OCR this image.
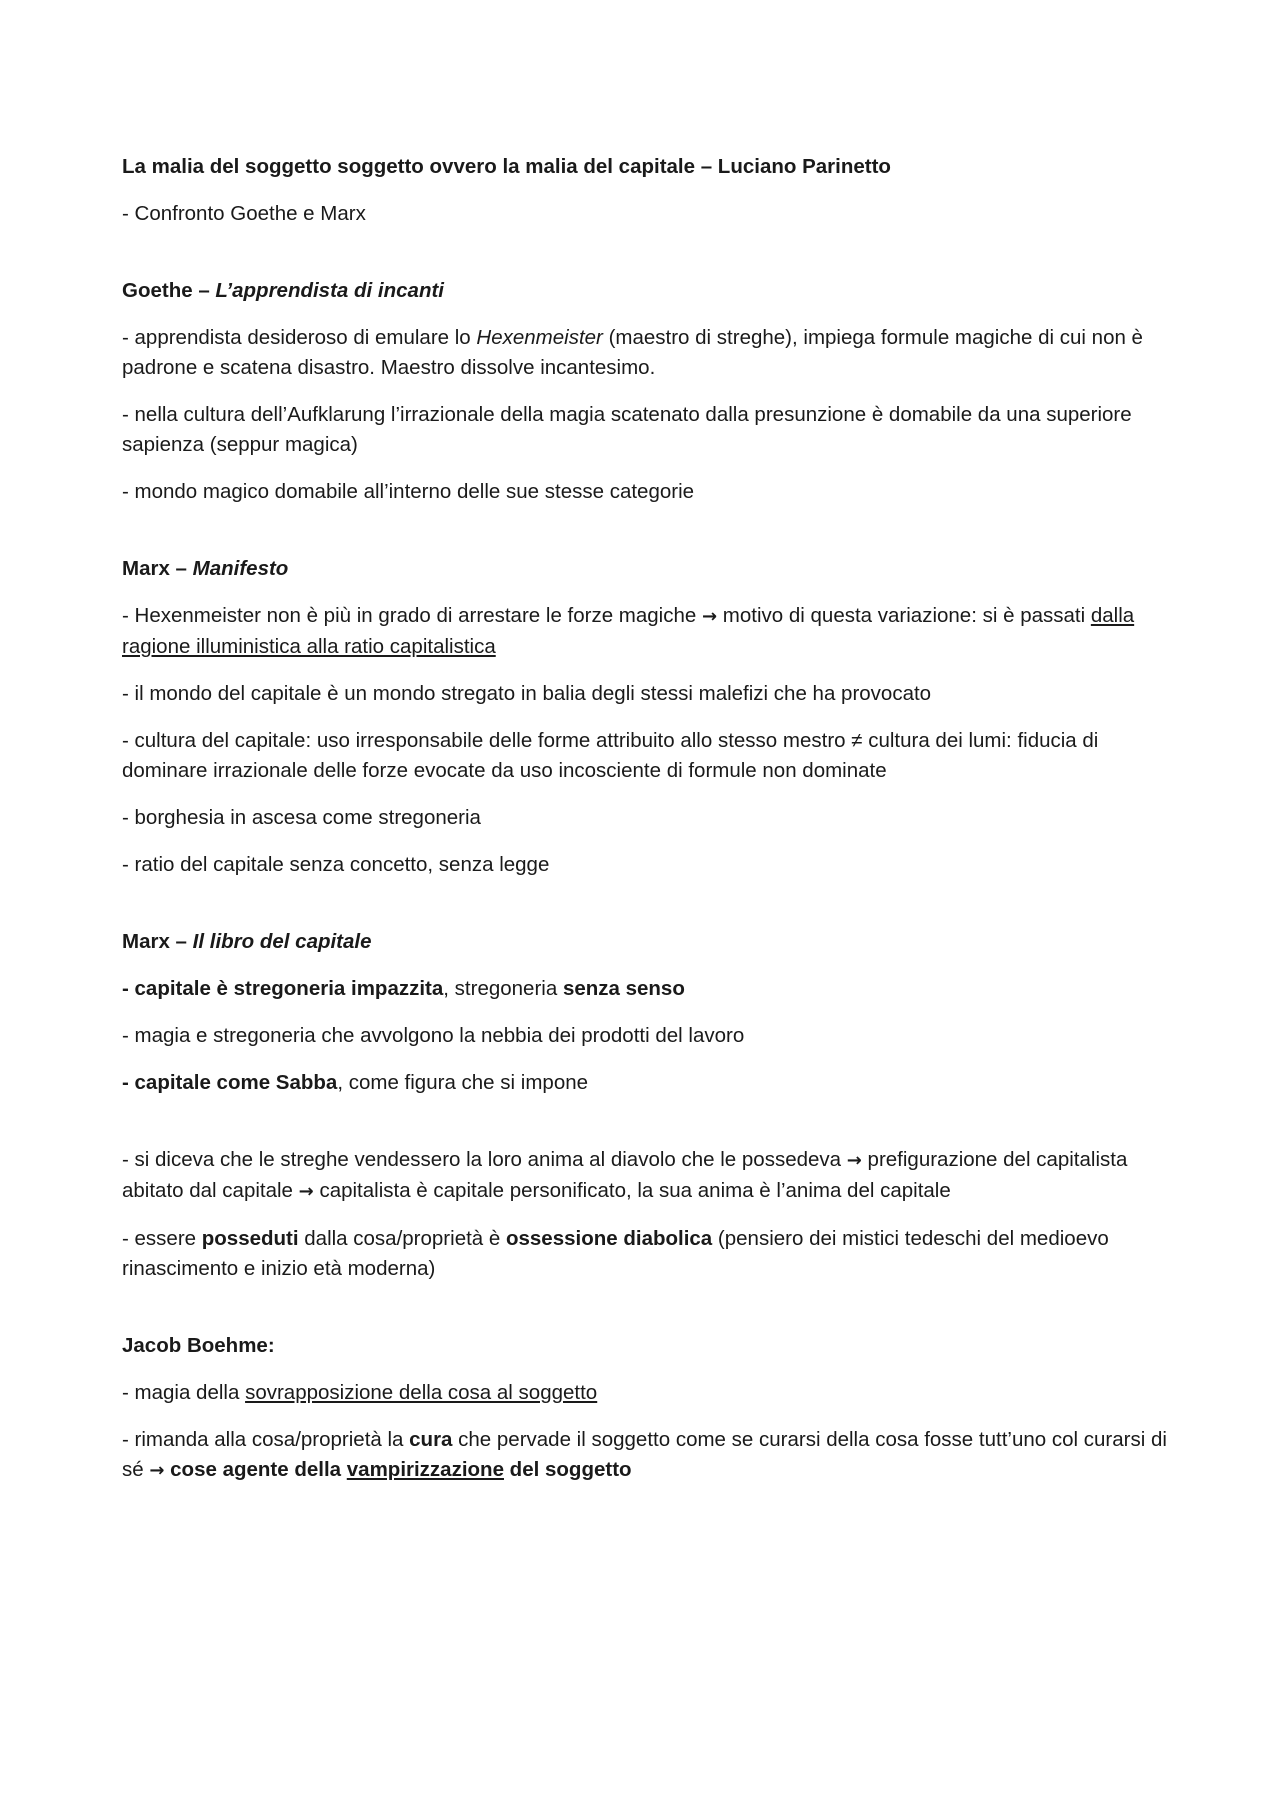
La malia del soggetto soggetto ovvero la malia del capitale – Luciano Parinetto

- Confronto Goethe e Marx

Goethe – L’apprendista di incanti

- apprendista desideroso di emulare lo Hexenmeister (maestro di streghe), impiega formule magiche di cui non è padrone e scatena disastro. Maestro dissolve incantesimo.

- nella cultura dell’Aufklarung l’irrazionale della magia scatenato dalla presunzione è domabile da una superiore sapienza (seppur magica)

- mondo magico domabile all’interno delle sue stesse categorie

Marx – Manifesto

- Hexenmeister non è più in grado di arrestare le forze magiche → motivo di questa variazione: si è passati dalla ragione illuministica alla ratio capitalistica

- il mondo del capitale è un mondo stregato in balia degli stessi malefizi che ha provocato

- cultura del capitale: uso irresponsabile delle forme attribuito allo stesso mestro ≠ cultura dei lumi: fiducia di dominare irrazionale delle forze evocate da uso incosciente di formule non dominate

- borghesia in ascesa come stregoneria

- ratio del capitale senza concetto, senza legge

Marx – Il libro del capitale

- capitale è stregoneria impazzita, stregoneria senza senso

- magia e stregoneria che avvolgono la nebbia dei prodotti del lavoro

- capitale come Sabba, come figura che si impone

- si diceva che le streghe vendessero la loro anima al diavolo che le possedeva → prefigurazione del capitalista abitato dal capitale → capitalista è capitale personificato, la sua anima è l’anima del capitale

- essere posseduti dalla cosa/proprietà è ossessione diabolica (pensiero dei mistici tedeschi del medioevo rinascimento e inizio età moderna)

Jacob Boehme:

- magia della sovrapposizione della cosa al soggetto

- rimanda alla cosa/proprietà la cura che pervade il soggetto come se curarsi della cosa fosse tutt’uno col curarsi di sé → cose agente della vampirizzazione del soggetto
